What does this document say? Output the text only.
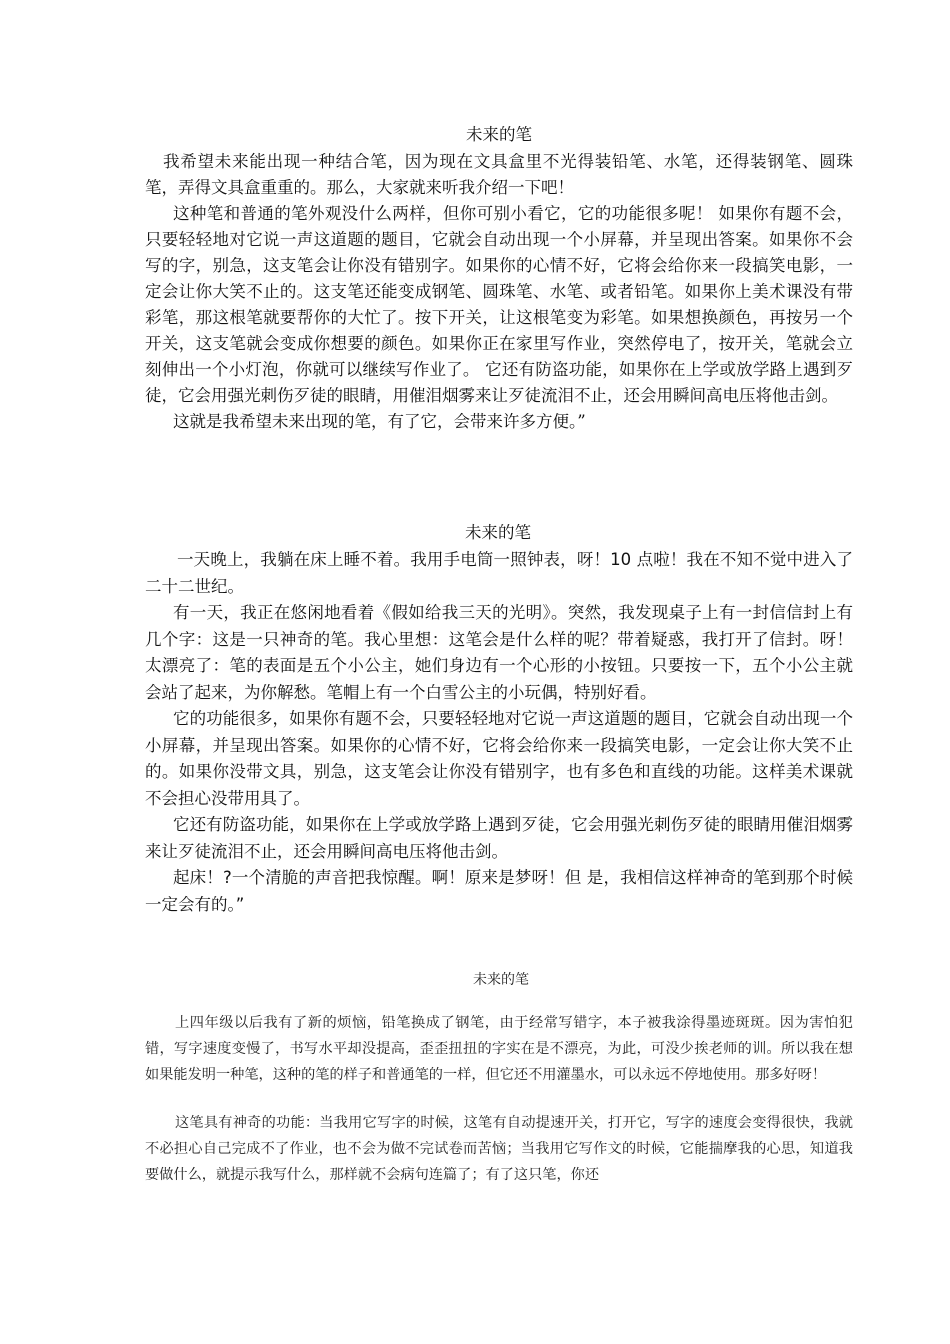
未来的笔

我希望未来能出现一种结合笔，因为现在文具盒里不光得装铅笔、水笔，还得装钢笔、圆珠笔，弄得文具盒重重的。那么，大家就来听我介绍一下吧！

这种笔和普通的笔外观没什么两样，但你可别小看它，它的功能很多呢！ 如果你有题不会，只要轻轻地对它说一声这道题的题目，它就会自动出现一个小屏幕，并呈现出答案。如果你不会写的字，别急，这支笔会让你没有错别字。如果你的心情不好，它将会给你来一段搞笑电影，一定会让你大笑不止的。这支笔还能变成钢笔、圆珠笔、水笔、或者铅笔。如果你上美术课没有带彩笔，那这根笔就要帮你的大忙了。按下开关，让这根笔变为彩笔。如果想换颜色，再按另一个开关，这支笔就会变成你想要的颜色。如果你正在家里写作业，突然停电了，按开关，笔就会立刻伸出一个小灯泡，你就可以继续写作业了。 它还有防盗功能，如果你在上学或放学路上遇到歹徒，它会用强光刺伤歹徒的眼睛，用催泪烟雾来让歹徒流泪不止，还会用瞬间高电压将他击剑。

这就是我希望未来出现的笔，有了它，会带来许多方便。”

未来的笔

一天晚上，我躺在床上睡不着。我用手电筒一照钟表，呀！10 点啦！我在不知不觉中进入了二十二世纪。

有一天，我正在悠闲地看着《假如给我三天的光明》。突然，我发现桌子上有一封信信封上有几个字：这是一只神奇的笔。我心里想：这笔会是什么样的呢？带着疑惑，我打开了信封。呀！太漂亮了：笔的表面是五个小公主，她们身边有一个心形的小按钮。只要按一下，五个小公主就会站了起来，为你解愁。笔帽上有一个白雪公主的小玩偶，特别好看。

它的功能很多，如果你有题不会，只要轻轻地对它说一声这道题的题目，它就会自动出现一个小屏幕，并呈现出答案。如果你的心情不好，它将会给你来一段搞笑电影，一定会让你大笑不止的。如果你没带文具，别急，这支笔会让你没有错别字，也有多色和直线的功能。这样美术课就不会担心没带用具了。

它还有防盗功能，如果你在上学或放学路上遇到歹徒，它会用强光刺伤歹徒的眼睛用催泪烟雾来让歹徒流泪不止，还会用瞬间高电压将他击剑。

起床！?一个清脆的声音把我惊醒。啊！原来是梦呀！但 是，我相信这样神奇的笔到那个时候一定会有的。”

未来的笔

上四年级以后我有了新的烦恼，铅笔换成了钢笔，由于经常写错字，本子被我涂得墨迹斑斑。因为害怕犯错，写字速度变慢了，书写水平却没提高，歪歪扭扭的字实在是不漂亮，为此，可没少挨老师的训。所以我在想如果能发明一种笔，这种的笔的样子和普通笔的一样，但它还不用灌墨水，可以永远不停地使用。那多好呀！

这笔具有神奇的功能：当我用它写字的时候，这笔有自动提速开关，打开它，写字的速度会变得很快，我就不必担心自己完成不了作业，也不会为做不完试卷而苦恼；当我用它写作文的时候，它能揣摩我的心思，知道我要做什么，就提示我写什么，那样就不会病句连篇了；有了这只笔，你还
